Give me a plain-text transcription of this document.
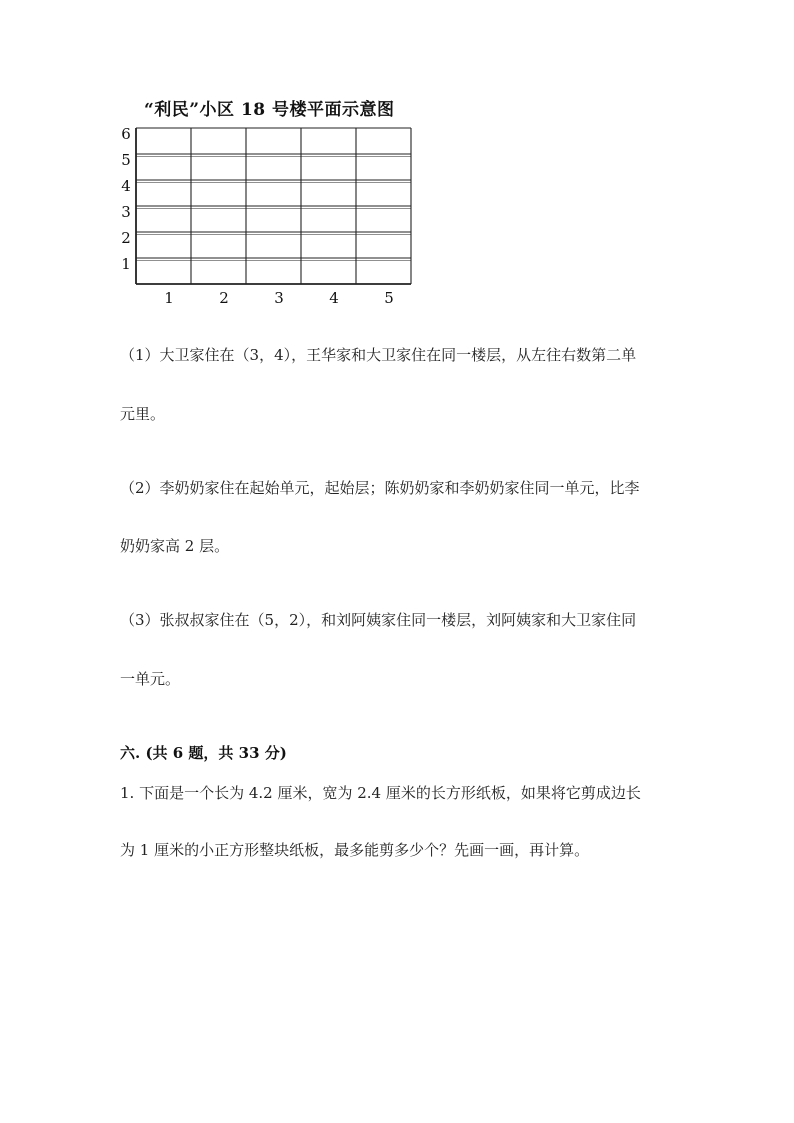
“利民”小区 18 号楼平面示意图
6
5
4
3
2
1
1	2	3	4	5
（1）大卫家住在（3，4），王华家和大卫家住在同一楼层，从左往右数第二单
元里。
（2）李奶奶家住在起始单元，起始层；陈奶奶家和李奶奶家住同一单元，比李
奶奶家高 2 层。
（3）张叔叔家住在（5，2），和刘阿姨家住同一楼层，刘阿姨家和大卫家住同
一单元。
六. (共 6 题，共 33 分)
1. 下面是一个长为 4.2 厘米，宽为 2.4 厘米的长方形纸板，如果将它剪成边长
为 1 厘米的小正方形整块纸板，最多能剪多少个？先画一画，再计算。
